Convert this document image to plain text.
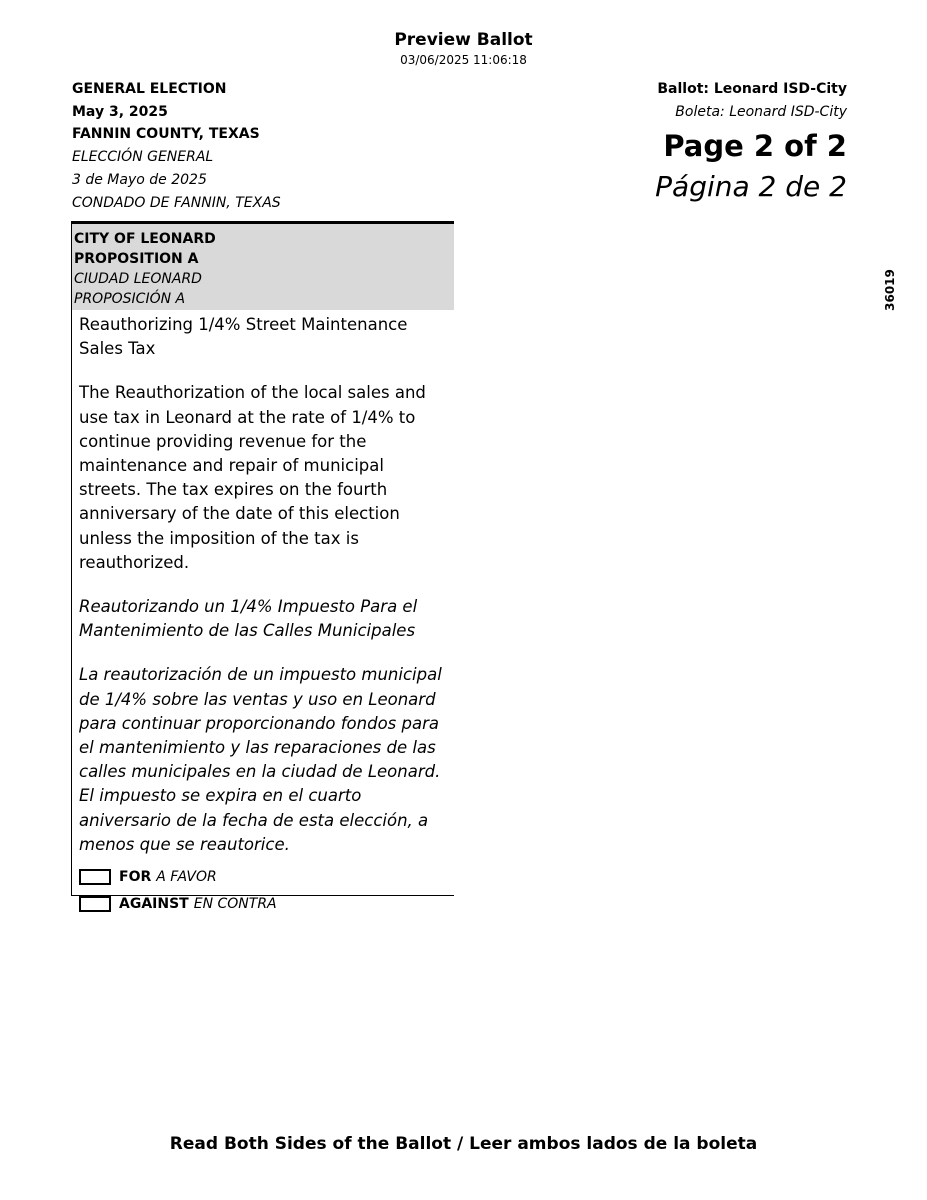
Preview Ballot
03/06/2025 11:06:18
GENERAL ELECTION
May 3, 2025
FANNIN COUNTY, TEXAS
ELECCIÓN GENERAL
3 de Mayo de 2025
CONDADO DE FANNIN, TEXAS
Ballot: Leonard ISD-City
Boleta: Leonard ISD-City
Page 2 of 2
Página 2 de 2
36019
CITY OF LEONARD
PROPOSITION A
CIUDAD LEONARD
PROPOSICIÓN A

Reauthorizing 1/4% Street Maintenance Sales Tax

The Reauthorization of the local sales and use tax in Leonard at the rate of 1/4% to continue providing revenue for the maintenance and repair of municipal streets. The tax expires on the fourth anniversary of the date of this election unless the imposition of the tax is reauthorized.

Reautorizando un 1/4% Impuesto Para el Mantenimiento de las Calles Municipales

La reautorización de un impuesto municipal de 1/4% sobre las ventas y uso en Leonard para continuar proporcionando fondos para el mantenimiento y las reparaciones de las calles municipales en la ciudad de Leonard. El impuesto se expira en el cuarto aniversario de la fecha de esta elección, a menos que se reautorice.

FOR A FAVOR
AGAINST EN CONTRA
Read Both Sides of the Ballot / Leer ambos lados de la boleta
